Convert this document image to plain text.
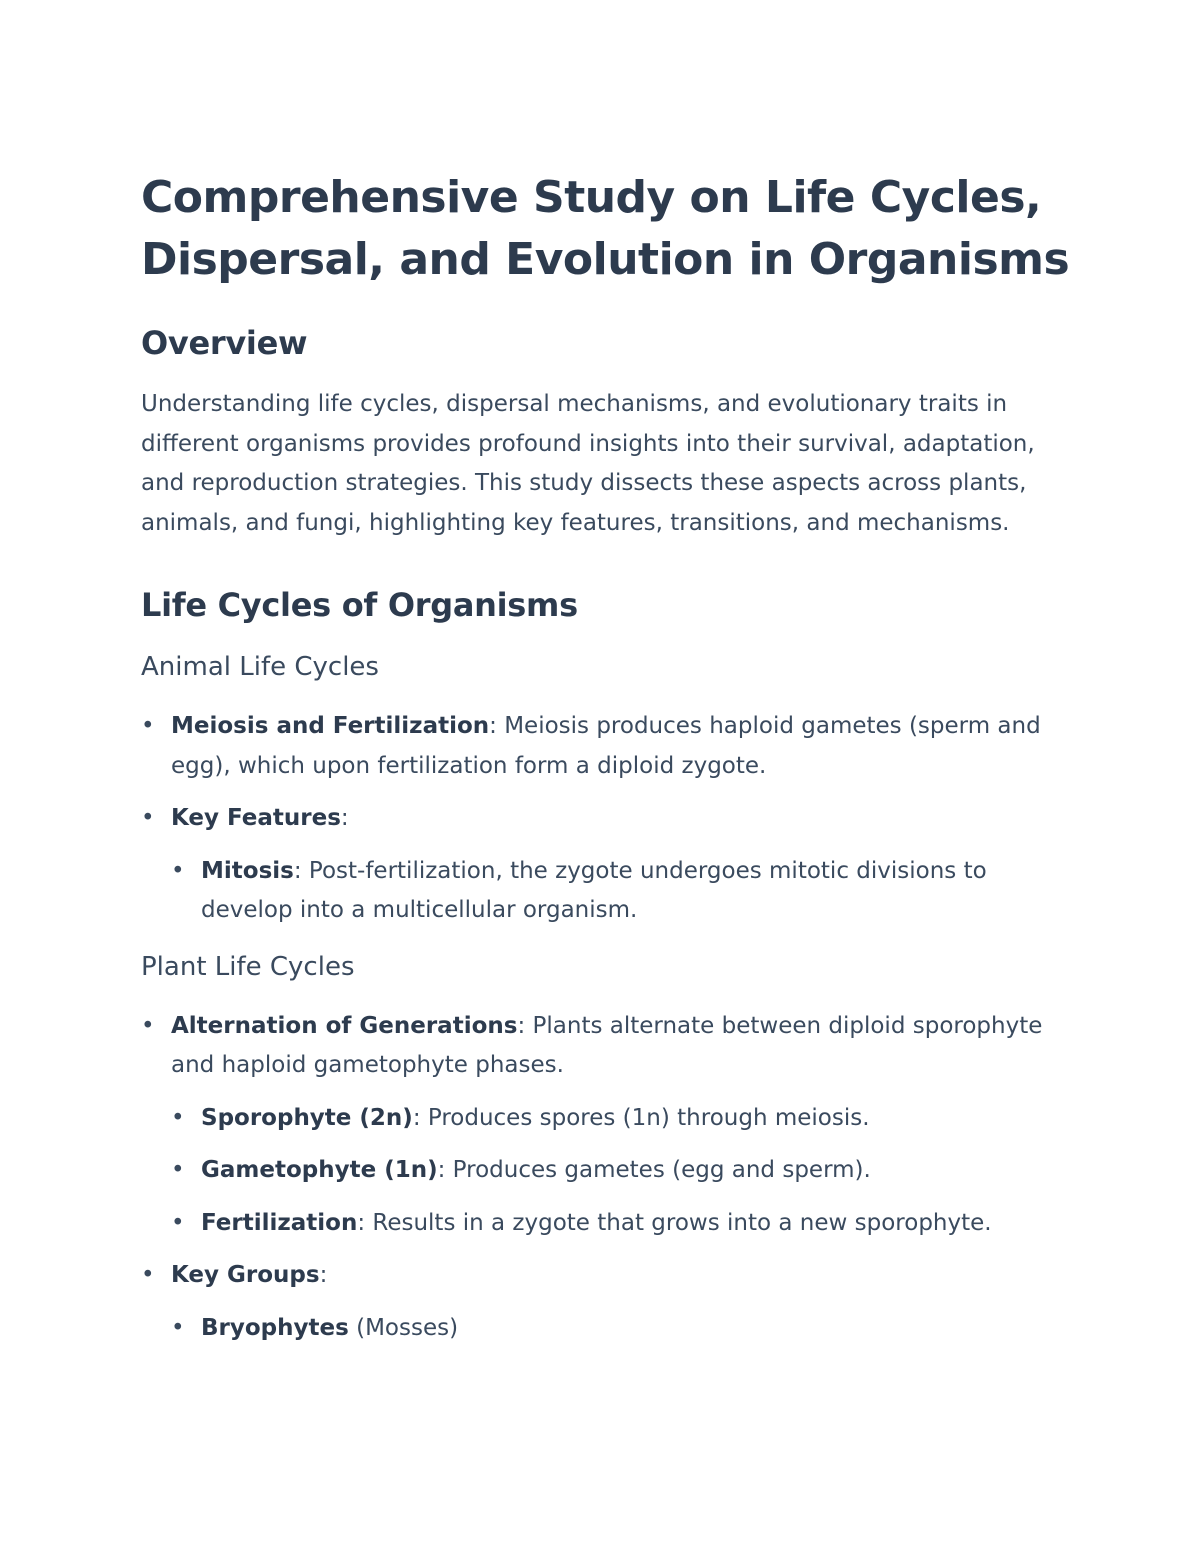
Comprehensive Study on Life Cycles, Dispersal, and Evolution in Organisms
Overview

Understanding life cycles, dispersal mechanisms, and evolutionary traits in different organisms provides profound insights into their survival, adaptation, and reproduction strategies. This study dissects these aspects across plants, animals, and fungi, highlighting key features, transitions, and mechanisms.

Life Cycles of Organisms
Animal Life Cycles
• Meiosis and Fertilization: Meiosis produces haploid gametes (sperm and egg), which upon fertilization form a diploid zygote.
• Key Features:
• Mitosis: Post-fertilization, the zygote undergoes mitotic divisions to develop into a multicellular organism.
Plant Life Cycles
• Alternation of Generations: Plants alternate between diploid sporophyte and haploid gametophyte phases.
• Sporophyte (2n): Produces spores (1n) through meiosis.
• Gametophyte (1n): Produces gametes (egg and sperm).
• Fertilization: Results in a zygote that grows into a new sporophyte.
• Key Groups:
• Bryophytes (Mosses)
